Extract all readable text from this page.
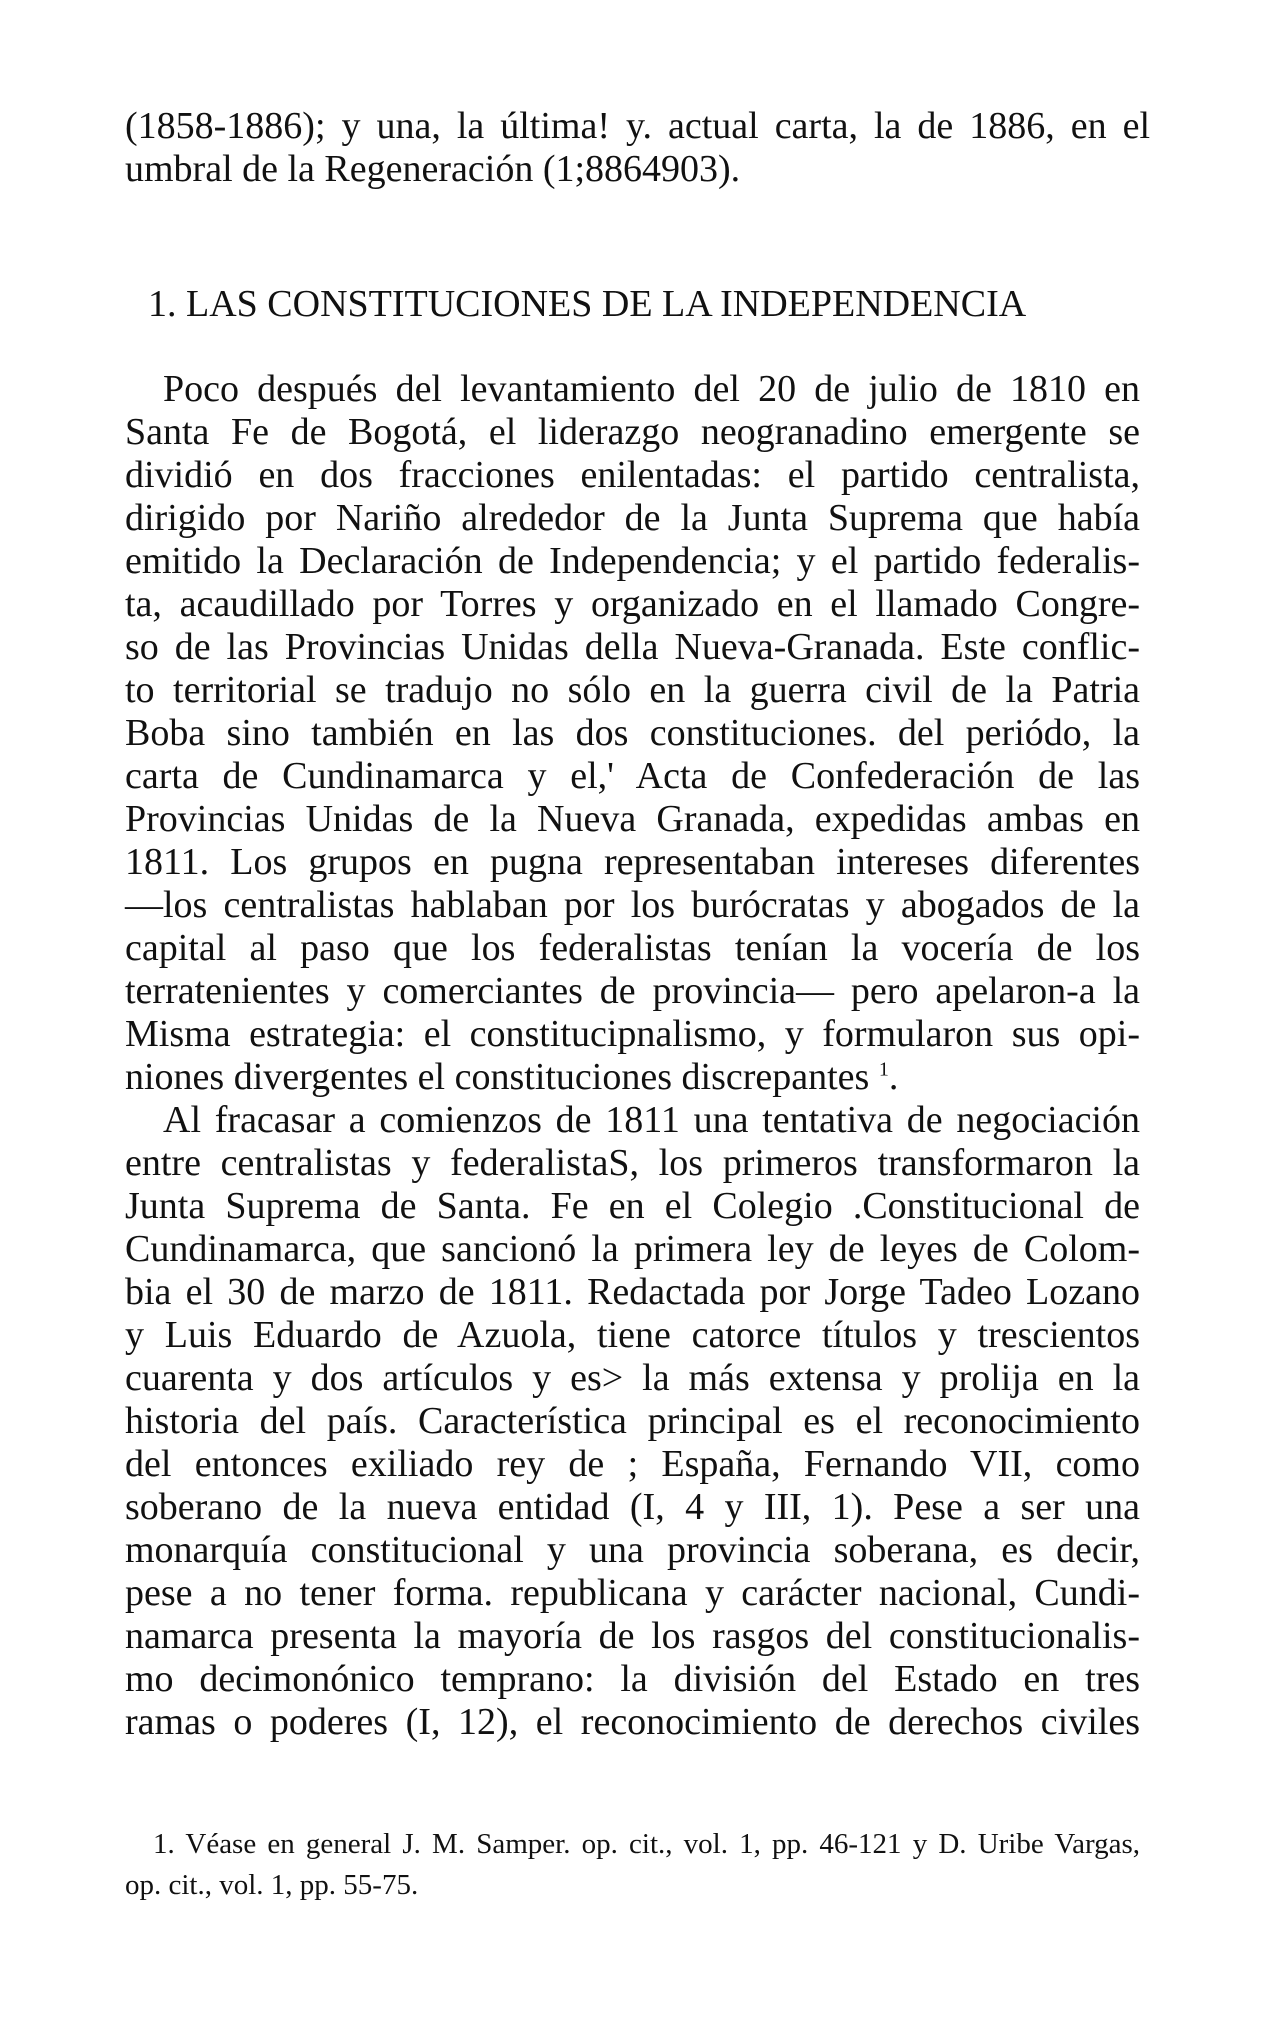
(1858-1886); y una, la última! y. actual carta, la de 1886, en el

umbral de la Regeneración (1;8864903).

1. LAS CONSTITUCIONES DE LA INDEPENDENCIA

Poco después del levantamiento del 20 de julio de 1810 en

Santa Fe de Bogotá, el liderazgo neogranadino emergente se

dividió en dos fracciones enilentadas: el partido centralista,

dirigido por Nariño alrededor de la Junta Suprema que había

emitido la Declaración de Independencia; y el partido federalis-

ta, acaudillado por Torres y organizado en el llamado Congre-

so de las Provincias Unidas della Nueva-Granada. Este conflic-

to territorial se tradujo no sólo en la guerra civil de la Patria

Boba sino también en las dos constituciones. del periódo, la

carta de Cundinamarca y el,' Acta de Confederación de las

Provincias Unidas de la Nueva Granada, expedidas ambas en

1811. Los grupos en pugna representaban intereses diferentes

—los centralistas hablaban por los burócratas y abogados de la

capital al paso que los federalistas tenían la vocería de los

terratenientes y comerciantes de provincia— pero apelaron-a la

Misma estrategia: el constitucipnalismo, y formularon sus opi-

niones divergentes el constituciones discrepantes $^1$.

Al fracasar a comienzos de 1811 una tentativa de negociación

entre centralistas y federalistaS, los primeros transformaron la

Junta Suprema de Santa. Fe en el Colegio .Constitucional de

Cundinamarca, que sancionó la primera ley de leyes de Colom-

bia el 30 de marzo de 1811. Redactada por Jorge Tadeo Lozano

y Luis Eduardo de Azuola, tiene catorce títulos y trescientos

cuarenta y dos artículos y es> la más extensa y prolija en la

historia del país. Característica principal es el reconocimiento

del entonces exiliado rey de ; España, Fernando VII, como

soberano de la nueva entidad (I, 4 y III, 1). Pese a ser una

monarquía constitucional y una provincia soberana, es decir,

pese a no tener forma. republicana y carácter nacional, Cundi-

namarca presenta la mayoría de los rasgos del constitucionalis-

mo decimonónico temprano: la división del Estado en tres

ramas o poderes (I, 12), el reconocimiento de derechos civiles

1. Véase en general J. M. Samper. op. cit., vol. 1, pp. 46-121 y D. Uribe Vargas,

op. cit., vol. 1, pp. 55-75.
